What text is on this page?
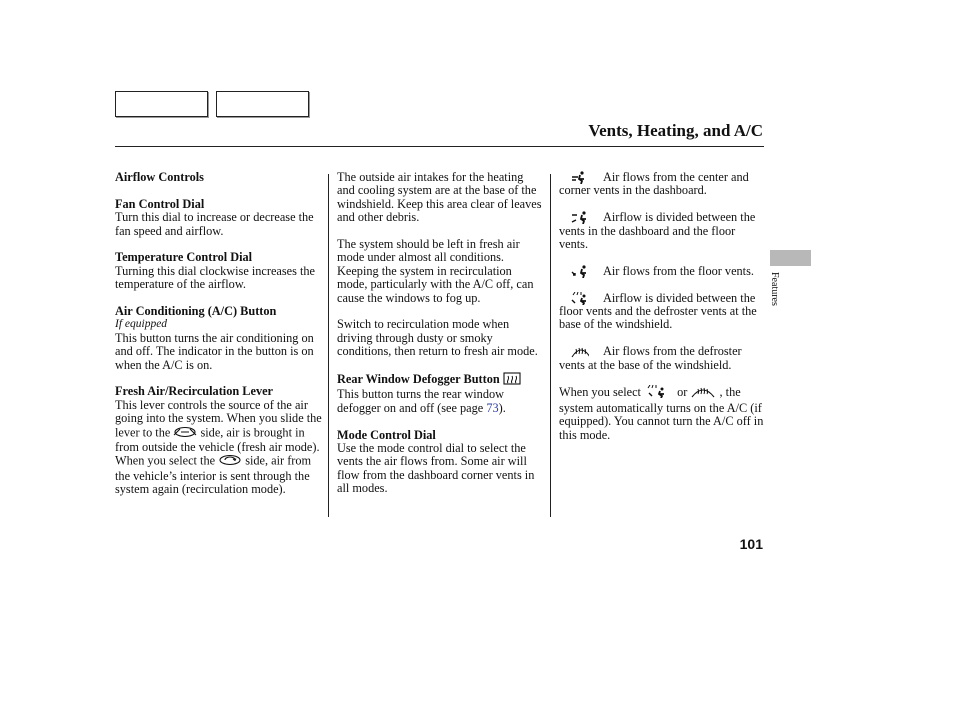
Vents, Heating, and A/C
Airflow Controls
Fan Control Dial
Turn this dial to increase or decrease the fan speed and airflow.
Temperature Control Dial
Turning this dial clockwise increases the temperature of the airflow.
Air Conditioning (A/C) Button
If equipped
This button turns the air conditioning on and off. The indicator in the button is on when the A/C is on.
Fresh Air/Recirculation Lever
This lever controls the source of the air going into the system. When you slide the lever to the side, air is brought in from outside the vehicle (fresh air mode). When you select the side, air from the vehicle’s interior is sent through the system again (recirculation mode).
The outside air intakes for the heating and cooling system are at the base of the windshield. Keep this area clear of leaves and other debris.
The system should be left in fresh air mode under almost all conditions. Keeping the system in recirculation mode, particularly with the A/C off, can cause the windows to fog up.
Switch to recirculation mode when driving through dusty or smoky conditions, then return to fresh air mode.
Rear Window Defogger Button
This button turns the rear window defogger on and off (see page 73).
Mode Control Dial
Use the mode control dial to select the vents the air flows from. Some air will flow from the dashboard corner vents in all modes.
Air flows from the center and corner vents in the dashboard.
Airflow is divided between the vents in the dashboard and the floor vents.
Air flows from the floor vents.
Airflow is divided between the floor vents and the defroster vents at the base of the windshield.
Air flows from the defroster vents at the base of the windshield.
When you select	or	, the system automatically turns on the A/C (if equipped). You cannot turn the A/C off in this mode.
Features
101
